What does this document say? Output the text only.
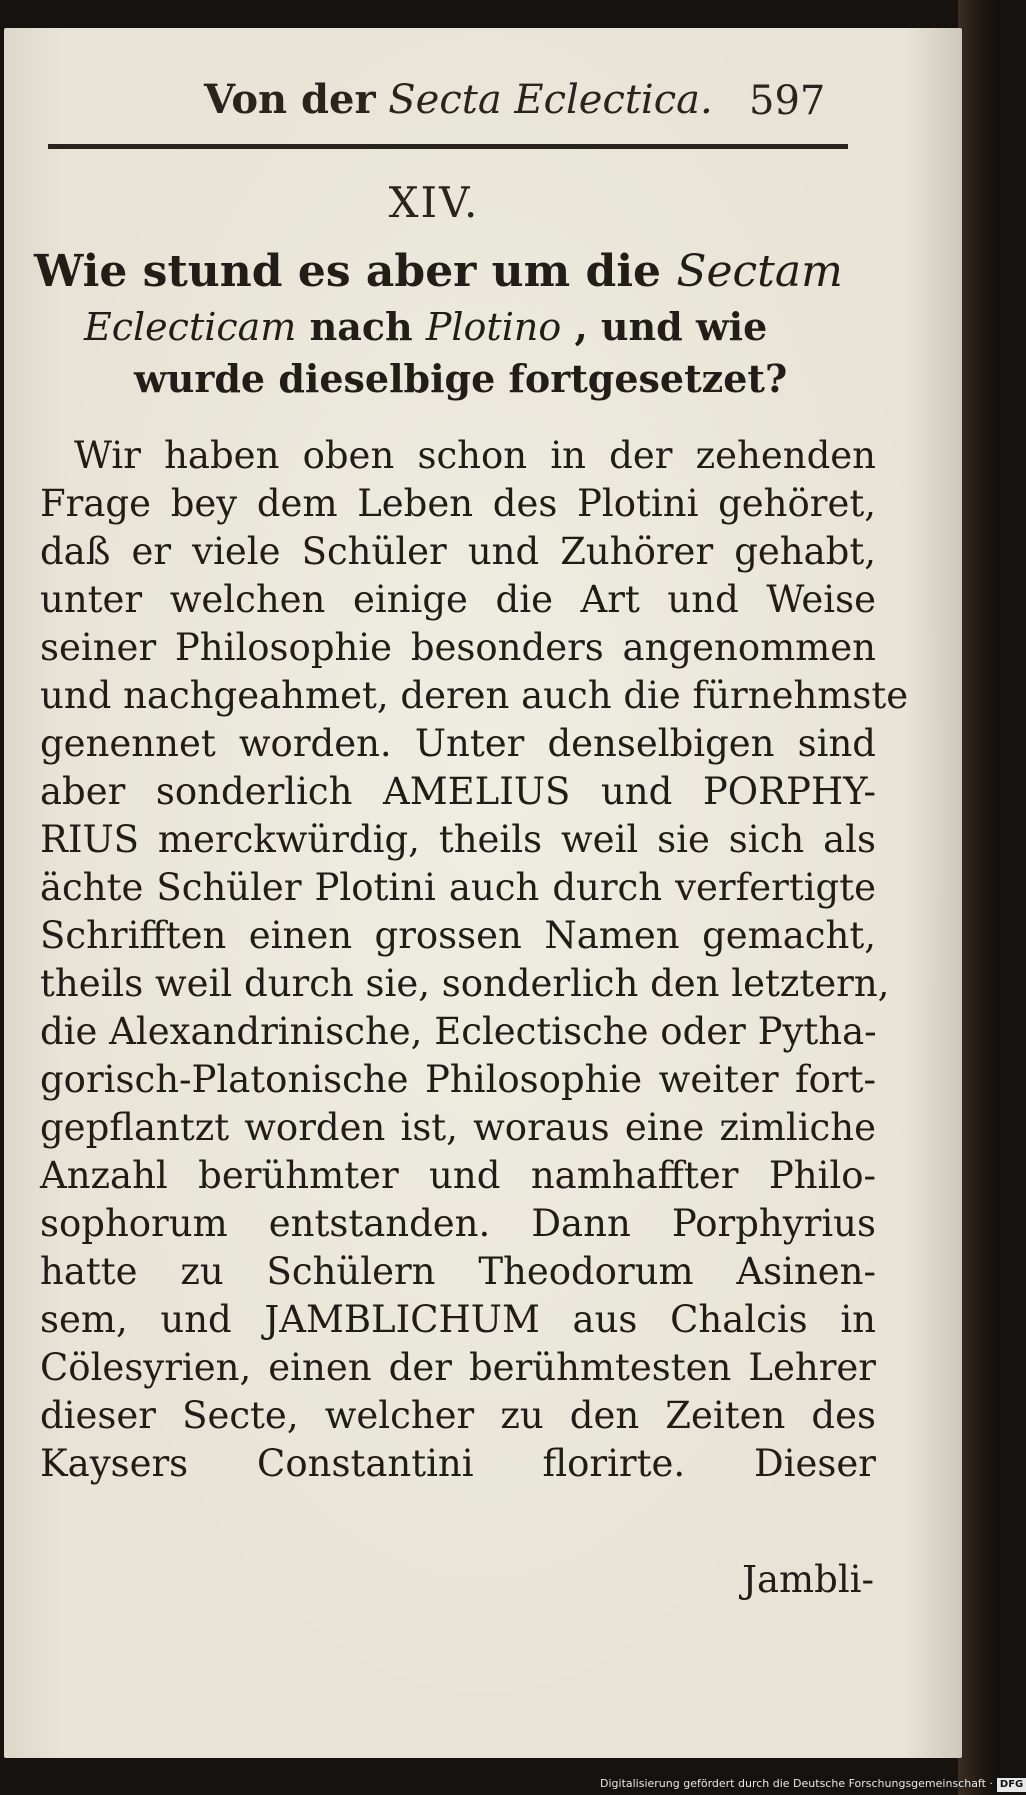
Von der Secta Eclectica. 597
XIV.
Wie stund es aber um die Sectam
Eclecticam nach Plotino , und wie
wurde dieselbige fortgesetzet?
Wir haben oben schon in der zehenden
Frage bey dem Leben des Plotini gehöret,
daß er viele Schüler und Zuhörer gehabt,
unter welchen einige die Art und Weise
seiner Philosophie besonders angenommen
und nachgeahmet, deren auch die fürnehmste
genennet worden. Unter denselbigen sind
aber sonderlich AMELIUS und PORPHY-
RIUS merckwürdig, theils weil sie sich als
ächte Schüler Plotini auch durch verfertigte
Schrifften einen grossen Namen gemacht,
theils weil durch sie, sonderlich den letztern,
die Alexandrinische, Eclectische oder Pytha-
gorisch-Platonische Philosophie weiter fort-
gepflantzt worden ist, woraus eine zimliche
Anzahl berühmter und namhaffter Philo-
sophorum entstanden. Dann Porphyrius
hatte zu Schülern Theodorum Asinen-
sem, und JAMBLICHUM aus Chalcis in
Cölesyrien, einen der berühmtesten Lehrer
dieser Secte, welcher zu den Zeiten des
Kaysers Constantini florirte. Dieser
Jambli-
Digitalisierung gefördert durch die Deutsche Forschungsgemeinschaft · DFG
